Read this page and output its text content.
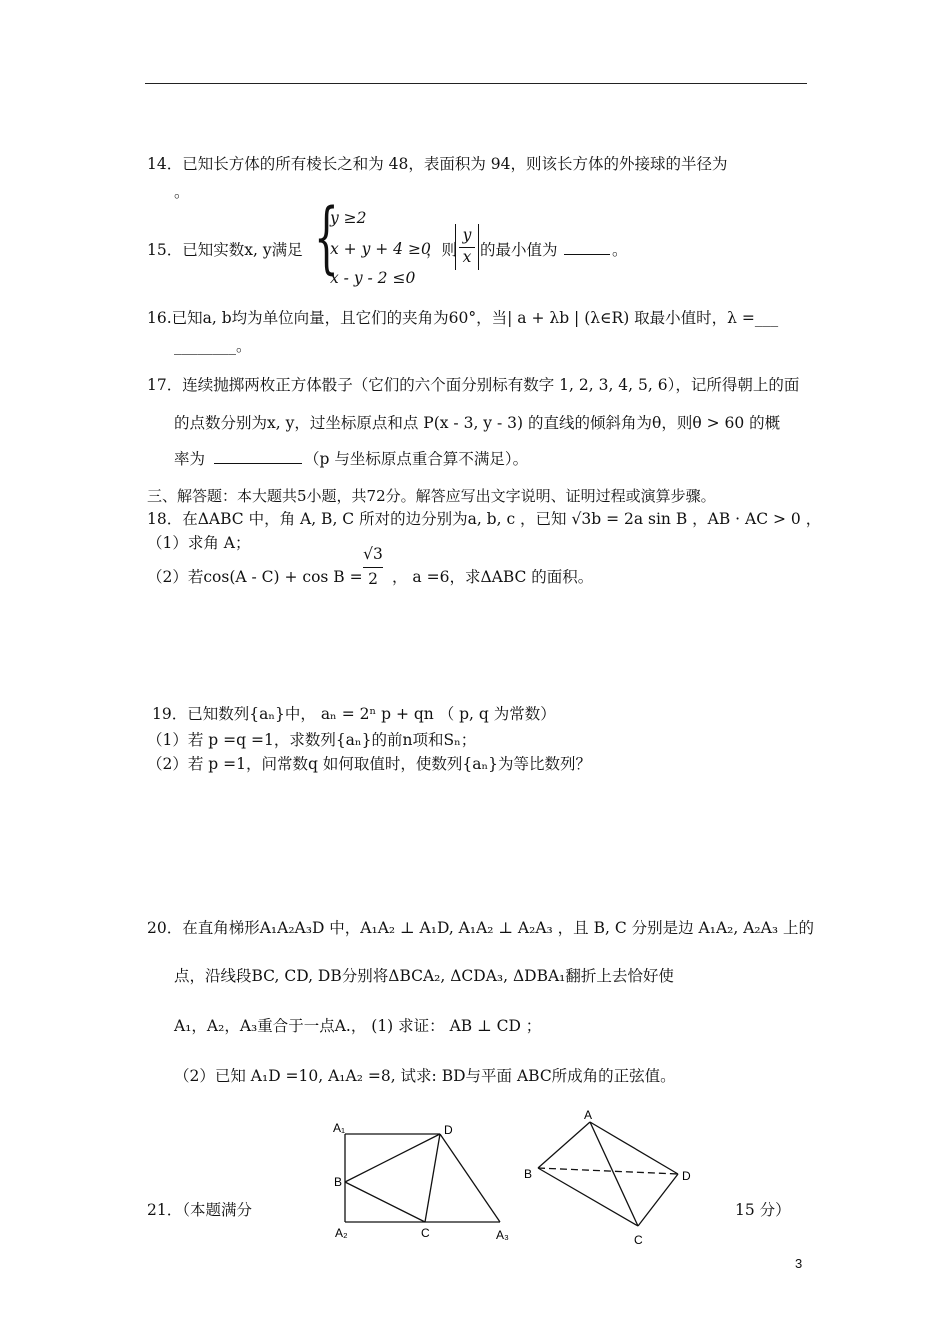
14．已知长方体的所有棱长之和为 48，表面积为 94，则该长方体的外接球的半径为
。
15．已知实数x, y满足 {
y ≥2
x + y + 4 ≥0
x - y - 2 ≤0
，则
y
x 的最小值为	。
16.已知a, b均为单位向量，且它们的夹角为60°，当| a + λb | (λ∈R) 取最小值时，λ =___
________。
17．连续抛掷两枚正方体骰子（它们的六个面分别标有数字 1, 2, 3, 4, 5, 6），记所得朝上的面
的点数分别为x, y，过坐标原点和点 P(x - 3, y - 3) 的直线的倾斜角为θ，则θ > 60 的概
率为	（p 与坐标原点重合算不满足）。
三、解答题：本大题共5小题，共72分。解答应写出文字说明、证明过程或演算步骤。
18．在ΔABC 中，角 A, B, C 所对的边分别为a, b, c ，已知 √3b = 2a sin B ，AB · AC > 0 ，
（1）求角 A；
（2）若cos(A - C) + cos B =
√3
2 ， a =6，求ΔABC 的面积。
19．已知数列{aₙ}中， aₙ = 2ⁿ p + qn （ p, q 为常数）
（1）若 p =q =1，求数列{aₙ}的前n项和Sₙ；
（2）若 p =1，问常数q 如何取值时，使数列{aₙ}为等比数列？
20．在直角梯形A₁A₂A₃D 中，A₁A₂ ⊥ A₁D, A₁A₂ ⊥ A₂A₃ ，且 B, C 分别是边 A₁A₂, A₂A₃ 上的
点，沿线段BC, CD, DB分别将ΔBCA₂, ΔCDA₃, ΔDBA₁翻折上去恰好使
A₁，A₂，A₃重合于一点A.， (1) 求证： AB ⊥ CD ；
（2）已知 A₁D =10, A₁A₂ =8, 试求: BD与平面 ABC所成角的正弦值。
21．（本题满分	15 分）
A₁	D
B
A₂	C	A₃
A
B	D
C
3
